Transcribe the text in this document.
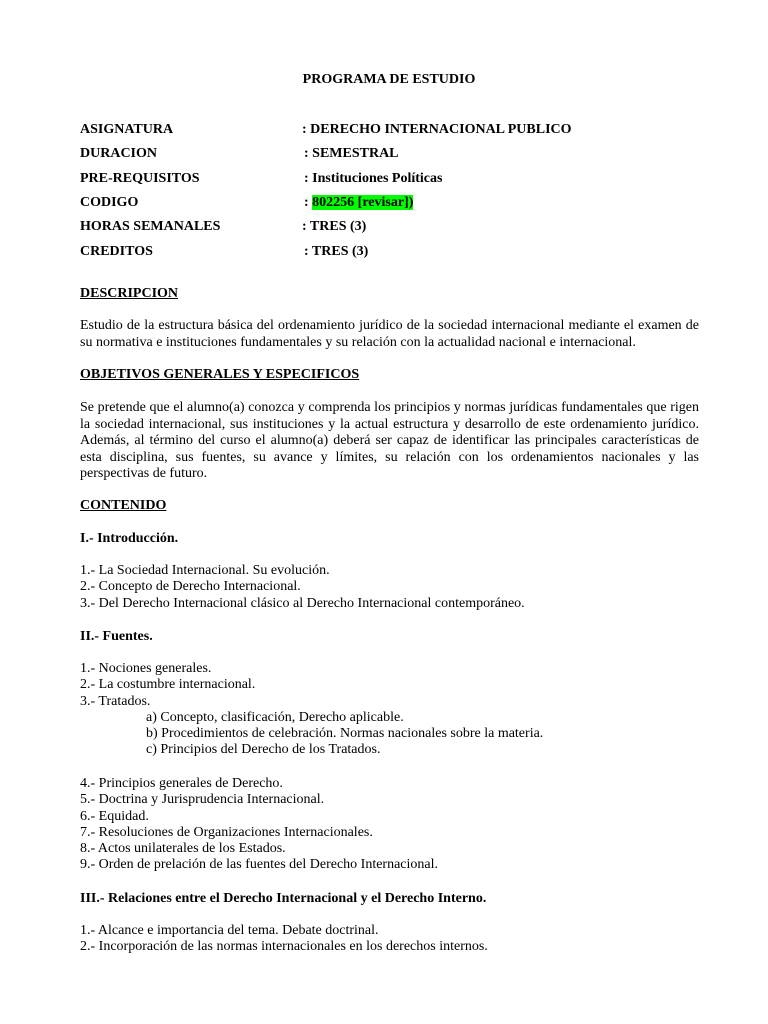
PROGRAMA DE ESTUDIO
ASIGNATURA	: DERECHO INTERNACIONAL PUBLICO
DURACION	: SEMESTRAL
PRE-REQUISITOS	: Instituciones Políticas
CODIGO	: 802256 [revisar])
HORAS SEMANALES	: TRES (3)
CREDITOS	: TRES (3)
DESCRIPCION
Estudio de la estructura básica del ordenamiento jurídico de la sociedad internacional mediante el examen de su normativa e instituciones fundamentales y su relación con la actualidad nacional e internacional.
OBJETIVOS GENERALES Y ESPECIFICOS
Se pretende que el alumno(a) conozca y comprenda los principios y normas jurídicas fundamentales que rigen la sociedad internacional, sus instituciones y la actual estructura y desarrollo de este ordenamiento jurídico. Además, al término del curso el alumno(a) deberá ser capaz de identificar las principales características de esta disciplina, sus fuentes, su avance y límites, su relación con los ordenamientos nacionales y las perspectivas de futuro.
CONTENIDO
I.- Introducción.
1.- La Sociedad Internacional. Su evolución.
2.- Concepto de Derecho Internacional.
3.- Del Derecho Internacional clásico al Derecho Internacional contemporáneo.
II.- Fuentes.
1.- Nociones generales.
2.- La costumbre internacional.
3.- Tratados.
a) Concepto, clasificación, Derecho aplicable.
b) Procedimientos de celebración. Normas nacionales sobre la materia.
c) Principios del Derecho de los Tratados.
4.- Principios generales de Derecho.
5.- Doctrina y Jurisprudencia Internacional.
6.- Equidad.
7.- Resoluciones de Organizaciones Internacionales.
8.- Actos unilaterales de los Estados.
9.- Orden de prelación de las fuentes del Derecho Internacional.
III.- Relaciones entre el Derecho Internacional y el Derecho Interno.
1.- Alcance e importancia del tema. Debate doctrinal.
2.- Incorporación de las normas internacionales en los derechos internos.
